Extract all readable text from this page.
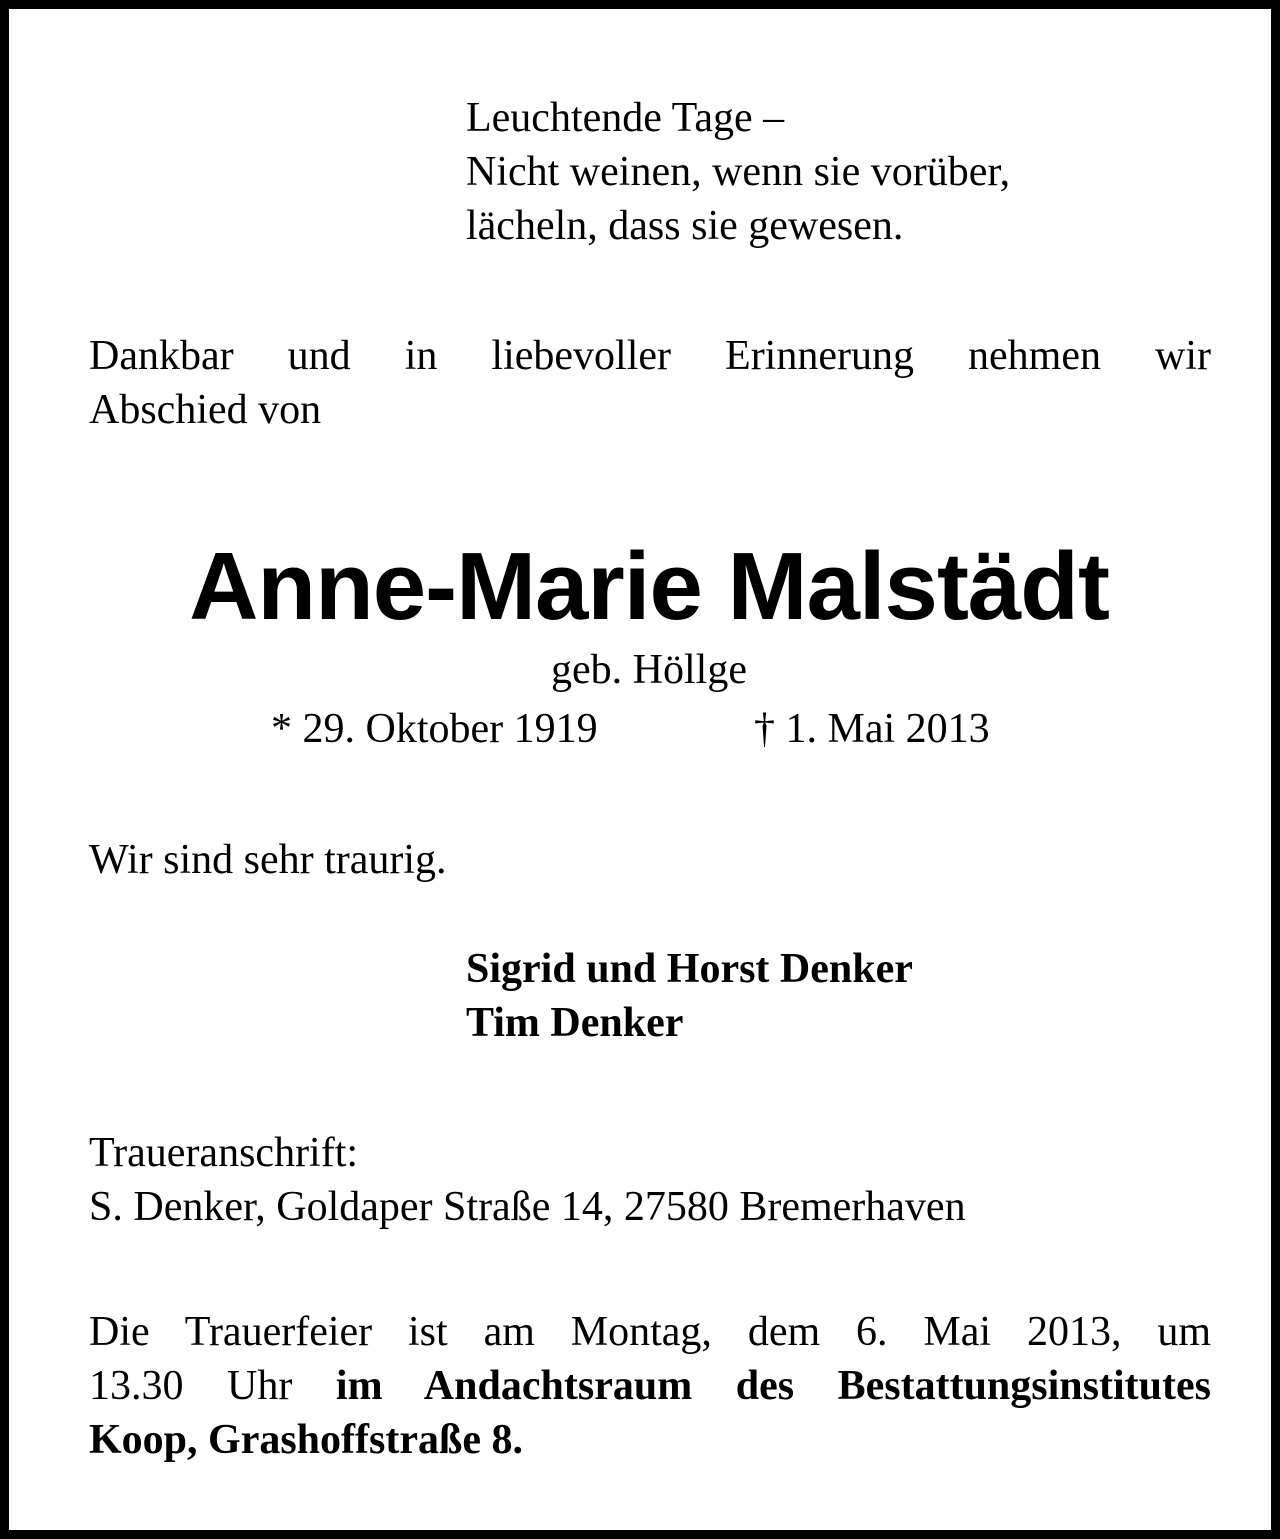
Leuchtende Tage –
Nicht weinen, wenn sie vorüber,
lächeln, dass sie gewesen.
Dankbar und in liebevoller Erinnerung nehmen wir
Abschied von
Anne-Marie Malstädt
geb. Höllge
* 29. Oktober 1919	† 1. Mai 2013
Wir sind sehr traurig.
Sigrid und Horst Denker
Tim Denker
Traueranschrift:
S. Denker, Goldaper Straße 14, 27580 Bremerhaven
Die Trauerfeier ist am Montag, dem 6. Mai 2013, um
13.30 Uhr im Andachtsraum des Bestattungsinstitutes
Koop, Grashoffstraße 8.
